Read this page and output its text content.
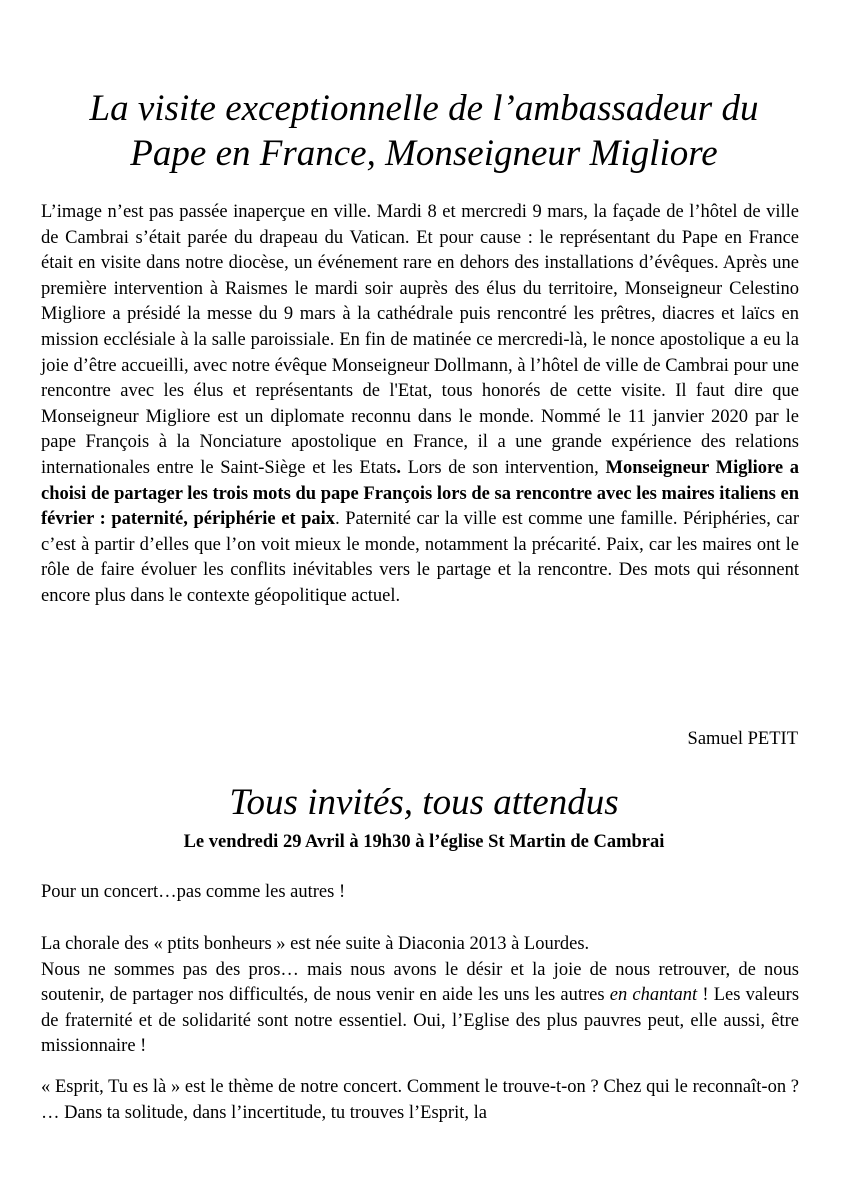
La visite exceptionnelle de l’ambassadeur du
Pape en France, Monseigneur Migliore

L’image n’est pas passée inaperçue en ville. Mardi 8 et mercredi 9 mars, la façade de l’hôtel de ville de Cambrai s’était parée du drapeau du Vatican. Et pour cause : le représentant du Pape en France était en visite dans notre diocèse, un événement rare en dehors des installations d’évêques. Après une première intervention à Raismes le mardi soir auprès des élus du territoire, Monseigneur Celestino Migliore a présidé la messe du 9 mars à la cathédrale puis rencontré les prêtres, diacres et laïcs en mission ecclésiale à la salle paroissiale. En fin de matinée ce mercredi-là, le nonce apostolique a eu la joie d’être accueilli, avec notre évêque Monseigneur Dollmann, à l’hôtel de ville de Cambrai pour une rencontre avec les élus et représentants de l'Etat, tous honorés de cette visite. Il faut dire que Monseigneur Migliore est un diplomate reconnu dans le monde. Nommé le 11 janvier 2020 par le pape François à la Nonciature apostolique en France, il a une grande expérience des relations internationales entre le Saint-Siège et les Etats. Lors de son intervention, Monseigneur Migliore a choisi de partager les trois mots du pape François lors de sa rencontre avec les maires italiens en février : paternité, périphérie et paix. Paternité car la ville est comme une famille. Périphéries, car c’est à partir d’elles que l’on voit mieux le monde, notamment la précarité. Paix, car les maires ont le rôle de faire évoluer les conflits inévitables vers le partage et la rencontre. Des mots qui résonnent encore plus dans le contexte géopolitique actuel.

Samuel PETIT

Tous invités, tous attendus

Le vendredi 29 Avril à 19h30 à l’église St Martin de Cambrai

Pour un concert…pas comme les autres !

La chorale des « ptits bonheurs » est née suite à Diaconia 2013 à Lourdes.
Nous ne sommes pas des pros… mais nous avons le désir et la joie de nous retrouver, de nous soutenir, de partager nos difficultés, de nous venir en aide les uns les autres en chantant ! Les valeurs de fraternité et de solidarité sont notre essentiel. Oui, l’Eglise des plus pauvres peut, elle aussi, être missionnaire !

« Esprit, Tu es là » est le thème de notre concert. Comment le trouve-t-on ? Chez qui le reconnaît-on ? … Dans ta solitude, dans l’incertitude, tu trouves l’Esprit, la
